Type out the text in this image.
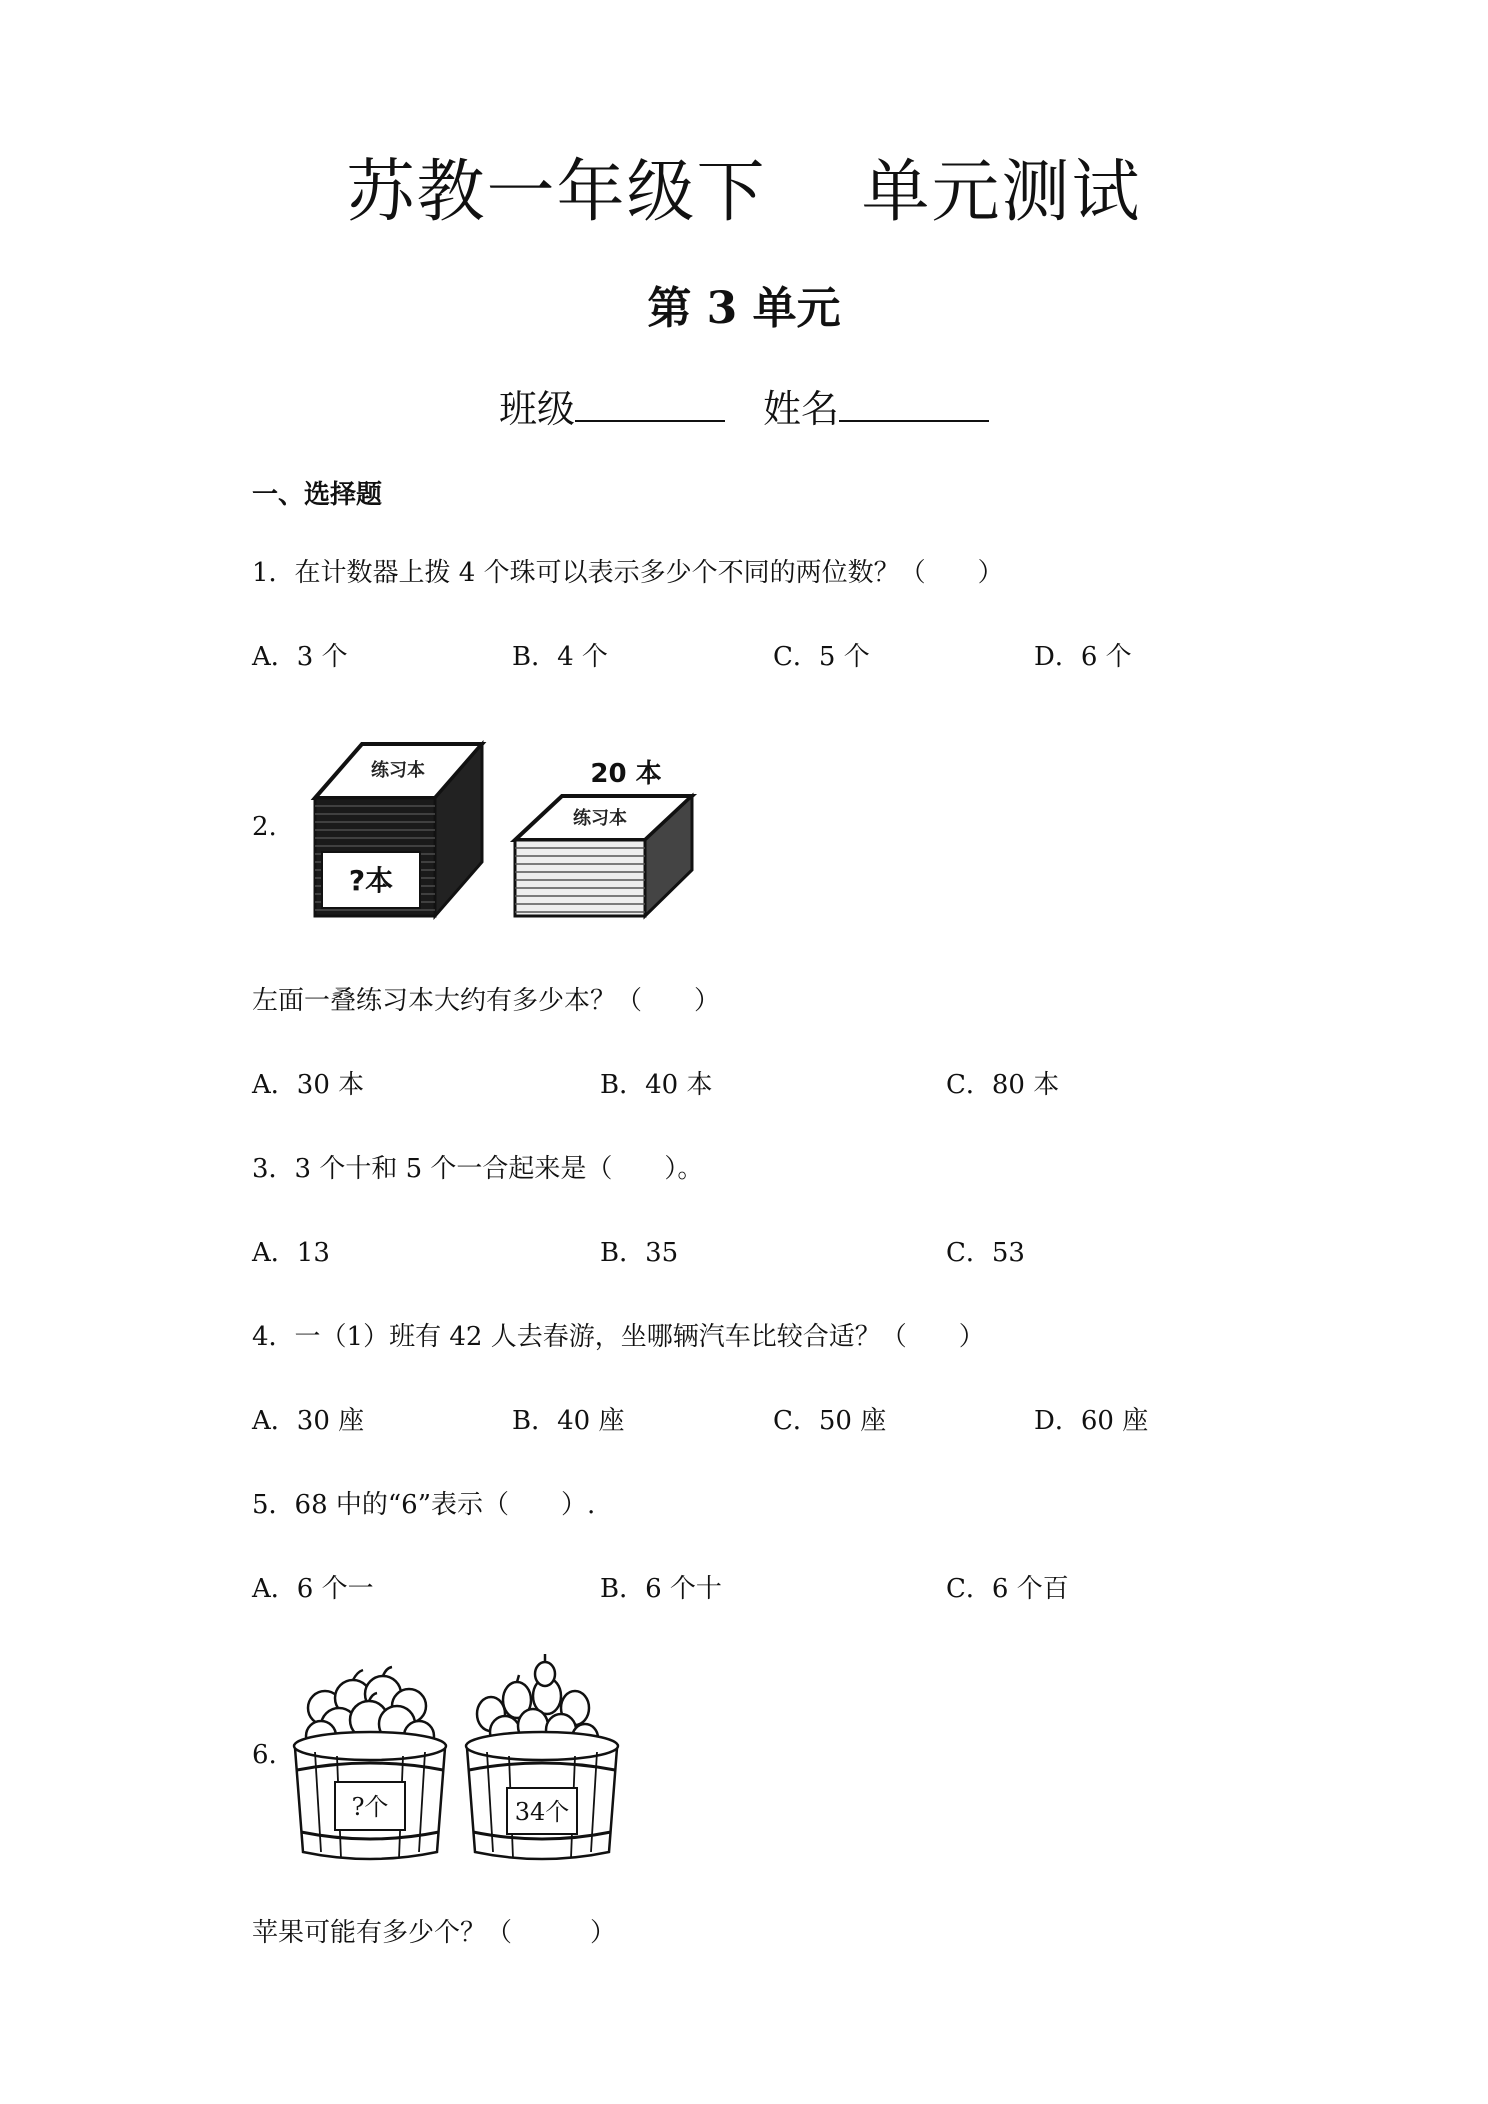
苏教一年级下 单元测试
第 3 单元
班级	姓名
一、选择题
1．在计数器上拨 4 个珠可以表示多少个不同的两位数？（　　）
A．3 个	B．4 个	C．5 个	D．6 个
2.
?本
练习本
练习本
20 本
左面一叠练习本大约有多少本？（　　）
A．30 本	B．40 本	C．80 本
3．3 个十和 5 个一合起来是（　　）。
A．13	B．35	C．53
4．一（1）班有 42 人去春游，坐哪辆汽车比较合适？（　　）
A．30 座	B．40 座	C．50 座	D．60 座
5．68 中的“6”表示（　　）.
A．6 个一	B．6 个十	C．6 个百
6.
?个	34个
苹果可能有多少个？（　　　）
